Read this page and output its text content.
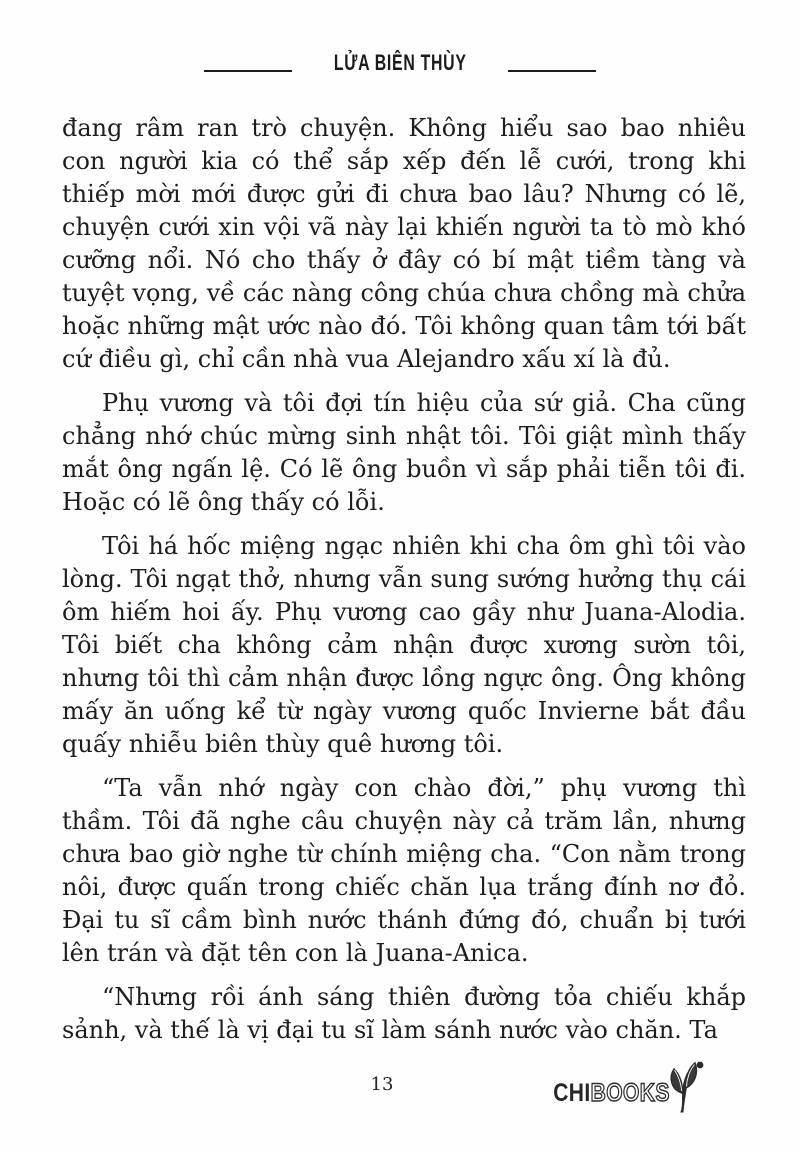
LỬA BIÊN THÙY

đang râm ran trò chuyện. Không hiểu sao bao nhiêu con người kia có thể sắp xếp đến lễ cưới, trong khi thiếp mời mới được gửi đi chưa bao lâu? Nhưng có lẽ, chuyện cưới xin vội vã này lại khiến người ta tò mò khó cưỡng nổi. Nó cho thấy ở đây có bí mật tiềm tàng và tuyệt vọng, về các nàng công chúa chưa chồng mà chửa hoặc những mật ước nào đó. Tôi không quan tâm tới bất cứ điều gì, chỉ cần nhà vua Alejandro xấu xí là đủ.

Phụ vương và tôi đợi tín hiệu của sứ giả. Cha cũng chẳng nhớ chúc mừng sinh nhật tôi. Tôi giật mình thấy mắt ông ngấn lệ. Có lẽ ông buồn vì sắp phải tiễn tôi đi. Hoặc có lẽ ông thấy có lỗi.

Tôi há hốc miệng ngạc nhiên khi cha ôm ghì tôi vào lòng. Tôi ngạt thở, nhưng vẫn sung sướng hưởng thụ cái ôm hiếm hoi ấy. Phụ vương cao gầy như Juana-Alodia. Tôi biết cha không cảm nhận được xương sườn tôi, nhưng tôi thì cảm nhận được lồng ngực ông. Ông không mấy ăn uống kể từ ngày vương quốc Invierne bắt đầu quấy nhiễu biên thùy quê hương tôi.

“Ta vẫn nhớ ngày con chào đời,” phụ vương thì thầm. Tôi đã nghe câu chuyện này cả trăm lần, nhưng chưa bao giờ nghe từ chính miệng cha. “Con nằm trong nôi, được quấn trong chiếc chăn lụa trắng đính nơ đỏ. Đại tu sĩ cầm bình nước thánh đứng đó, chuẩn bị tưới lên trán và đặt tên con là Juana-Anica.

“Nhưng rồi ánh sáng thiên đường tỏa chiếu khắp sảnh, và thế là vị đại tu sĩ làm sánh nước vào chăn. Ta

13	CHIBOOKS
